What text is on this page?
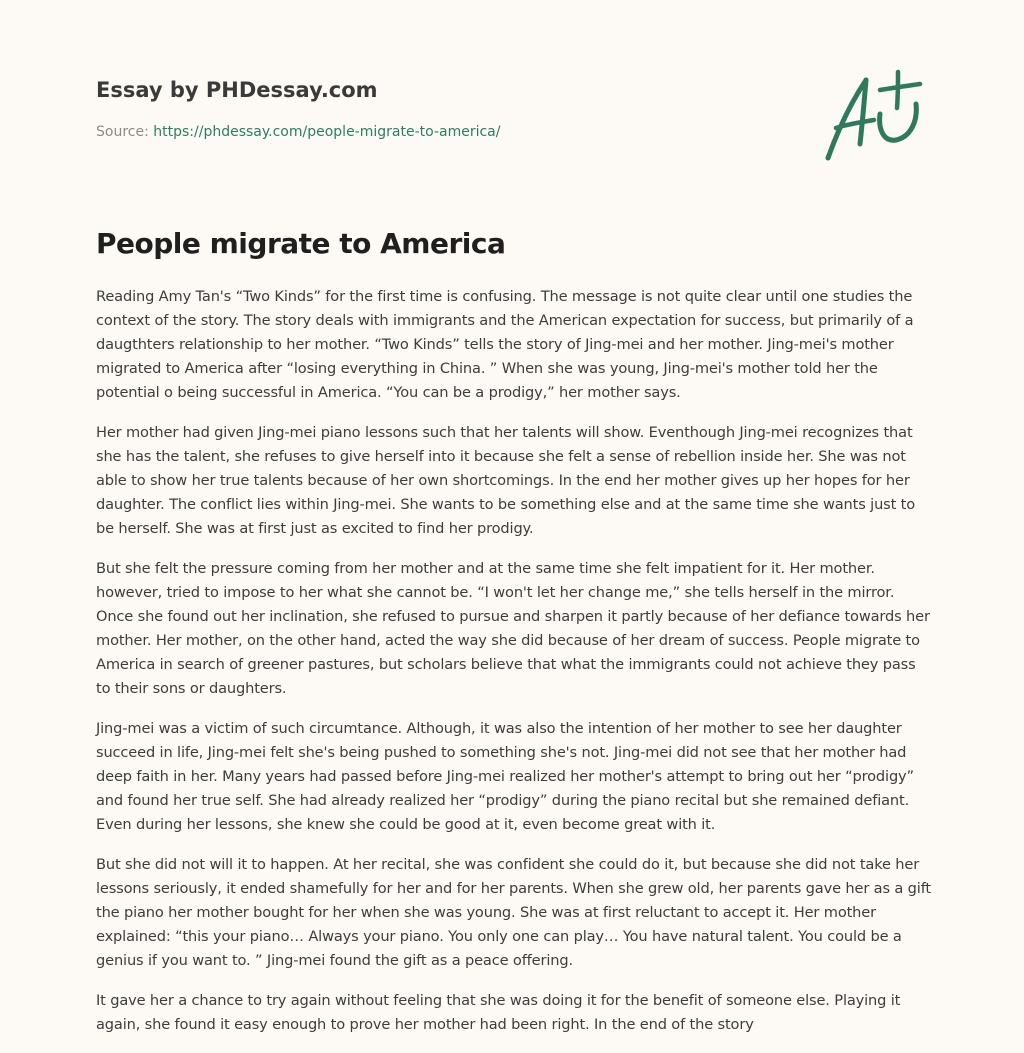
Essay by PHDessay.com
Source: https://phdessay.com/people-migrate-to-america/
People migrate to America

Reading Amy Tan's “Two Kinds” for the first time is confusing. The message is not quite clear until one studies the context of the story. The story deals with immigrants and the American expectation for success, but primarily of a daugthters relationship to her mother. “Two Kinds” tells the story of Jing-mei and her mother. Jing-mei's mother migrated to America after “losing everything in China. ” When she was young, Jing-mei's mother told her the potential o being successful in America. “You can be a prodigy,” her mother says.

Her mother had given Jing-mei piano lessons such that her talents will show. Eventhough Jing-mei recognizes that she has the talent, she refuses to give herself into it because she felt a sense of rebellion inside her. She was not able to show her true talents because of her own shortcomings. In the end her mother gives up her hopes for her daughter. The conflict lies within Jing-mei. She wants to be something else and at the same time she wants just to be herself. She was at first just as excited to find her prodigy.

But she felt the pressure coming from her mother and at the same time she felt impatient for it. Her mother. however, tried to impose to her what she cannot be. “I won't let her change me,” she tells herself in the mirror. Once she found out her inclination, she refused to pursue and sharpen it partly because of her defiance towards her mother. Her mother, on the other hand, acted the way she did because of her dream of success. People migrate to America in search of greener pastures, but scholars believe that what the immigrants could not achieve they pass to their sons or daughters.

Jing-mei was a victim of such circumtance. Although, it was also the intention of her mother to see her daughter succeed in life, Jing-mei felt she's being pushed to something she's not. Jing-mei did not see that her mother had deep faith in her. Many years had passed before Jing-mei realized her mother's attempt to bring out her “prodigy” and found her true self. She had already realized her “prodigy” during the piano recital but she remained defiant. Even during her lessons, she knew she could be good at it, even become great with it.

But she did not will it to happen. At her recital, she was confident she could do it, but because she did not take her lessons seriously, it ended shamefully for her and for her parents. When she grew old, her parents gave her as a gift the piano her mother bought for her when she was young. She was at first reluctant to accept it. Her mother explained: “this your piano… Always your piano. You only one can play… You have natural talent. You could be a genius if you want to. ” Jing-mei found the gift as a peace offering.

It gave her a chance to try again without feeling that she was doing it for the benefit of someone else. Playing it again, she found it easy enough to prove her mother had been right. In the end of the story
